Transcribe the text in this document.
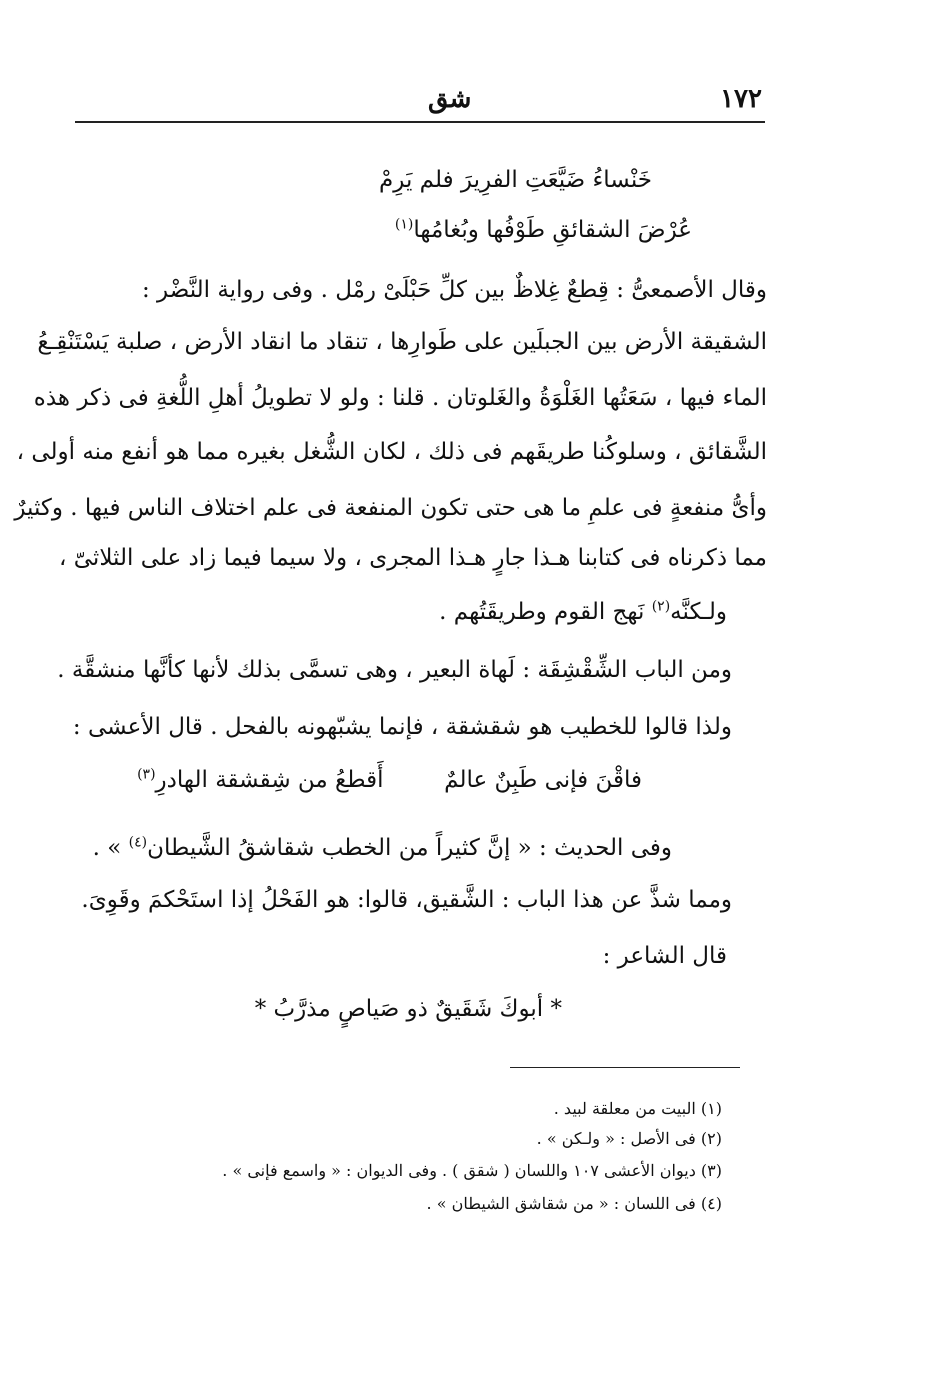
١٧٢
شق
خَنْساءُ ضَيَّعَتِ الفرِيرَ فلم يَرِمْ
عُرْضَ الشقائقِ طَوْفُها وبُغامُها$^{(١)}$
وقال الأصمعىُّ : قِطعٌ غِلاظٌ بين كلِّ حَبْلَىْ رمْل . وفى رواية النَّضْر :
الشقيقة الأرض بين الجبلَين على طَوارِها ، تنقاد ما انقاد الأرض ، صلبة يَسْتَنْقِـعُ
الماء فيها ، سَعَتُها الغَلْوَةُ والغَلوتان . قلنا : ولو لا تطويلُ أهلِ اللُّغةِ فى ذكر هذه
الشَّقائق ، وسلوكُنا طريقَهم فى ذلك ، لكان الشُّغل بغيره مما هو أنفع منه أولى ،
وأىُّ منفعةٍ فى علمِ ما هى حتى تكون المنفعة فى علم اختلاف الناس فيها . وكثيرٌ
مما ذكرناه فى كتابنا هـذا جارٍ هـذا المجرى ، ولا سيما فيما زاد على الثلاثىّ ،
ولـكنَّه$^{(٢)}$ نَهج القوم وطريقَتُهم .
ومن الباب الشِّقْشِقَة : لَهاة البعير ، وهى تسمَّى بذلك لأنها كأنَّها منشقَّة .
ولذا قالوا للخطيب هو شقشقة ، فإنما يشبّهونه بالفحل . قال الأعشى :
فاقْنَ فإنى طَبِنٌ عالمٌ    أَقطعُ من شِقشقة الهادرِ$^{(٣)}$
وفى الحديث : « إنَّ كثيراً من الخطب شقاشقُ الشَّيطان$^{(٤)}$ » .
ومما شذَّ عن هذا الباب : الشَّقيق، قالوا: هو الفَحْلُ إذا استَحْكمَ وقَوِىَ.
قال الشاعر :
* أبوكَ شَقَيقٌ ذو صَياصٍ مذرَّبُ *
(١) البيت من معلقة لبيد .
(٢) فى الأصل : « ولـكن » .
(٣) ديوان الأعشى ١٠٧ واللسان ( شقق ) . وفى الديوان : « واسمع فإنى » .
(٤) فى اللسان : « من شقاشق الشيطان » .
